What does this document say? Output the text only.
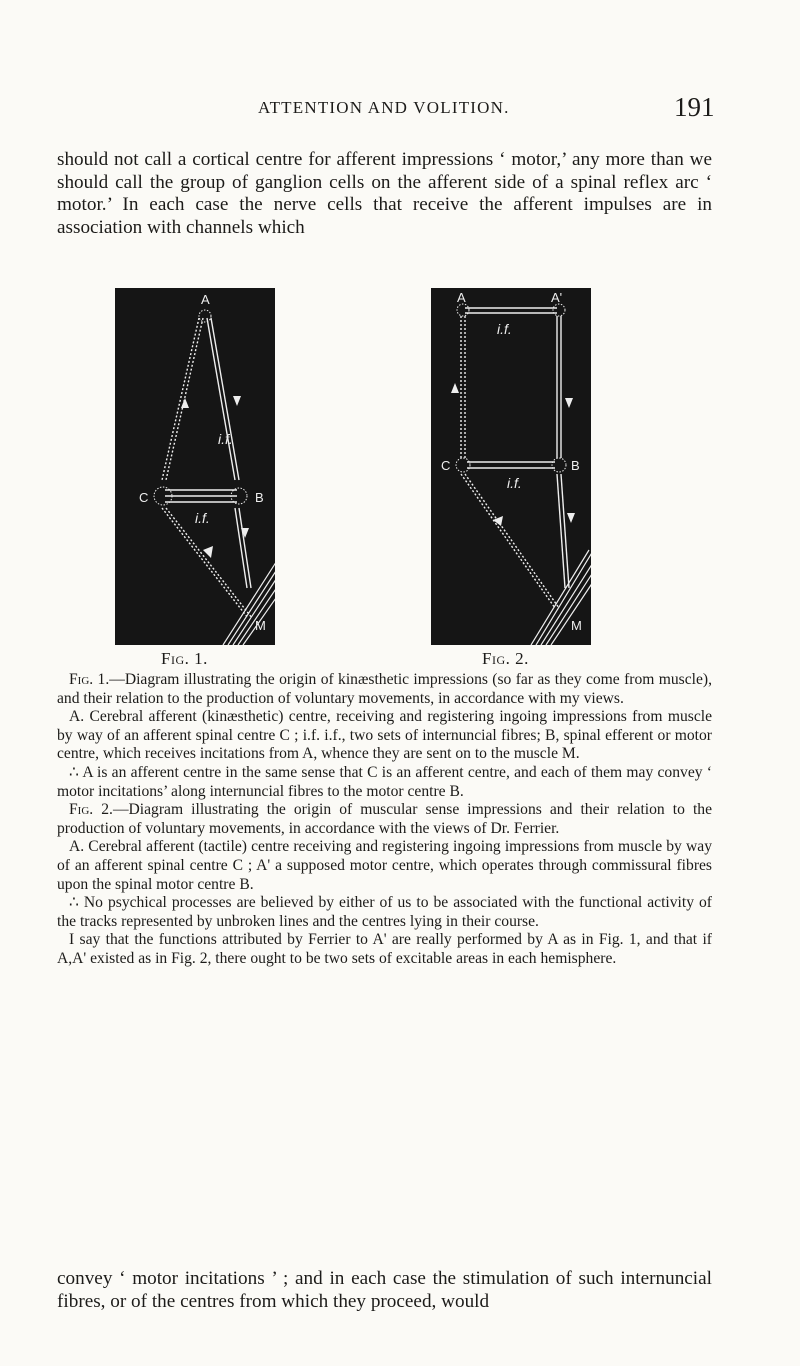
ATTENTION AND VOLITION.	191
should not call a cortical centre for afferent impressions ‘ motor,’ any more than we should call the group of ganglion cells on the afferent side of a spinal reflex arc ‘ motor.’ In each case the nerve cells that receive the afferent impulses are in association with channels which
A
C	B
M
i.f.
i.f.
Fig. 1.
A	A'
C	B
M
i.f.
i.f.
Fig. 2.

Fig. 1.—Diagram illustrating the origin of kinæsthetic impressions (so far as they come from muscle), and their relation to the production of voluntary movements, in accordance with my views.

A. Cerebral afferent (kinæsthetic) centre, receiving and registering ingoing impressions from muscle by way of an afferent spinal centre C ; i.f. i.f., two sets of internuncial fibres; B, spinal efferent or motor centre, which receives incitations from A, whence they are sent on to the muscle M.

∴ A is an afferent centre in the same sense that C is an afferent centre, and each of them may convey ‘ motor incitations’ along internuncial fibres to the motor centre B.

Fig. 2.—Diagram illustrating the origin of muscular sense impressions and their relation to the production of voluntary movements, in accordance with the views of Dr. Ferrier.

A. Cerebral afferent (tactile) centre receiving and registering ingoing impressions from muscle by way of an afferent spinal centre C ; A' a supposed motor centre, which operates through commissural fibres upon the spinal motor centre B.

∴ No psychical processes are believed by either of us to be associated with the functional activity of the tracks represented by unbroken lines and the centres lying in their course.

I say that the functions attributed by Ferrier to A' are really performed by A as in Fig. 1, and that if A,A' existed as in Fig. 2, there ought to be two sets of excitable areas in each hemisphere.

convey ‘ motor incitations ’ ; and in each case the stimulation of such internuncial fibres, or of the centres from which they proceed, would
